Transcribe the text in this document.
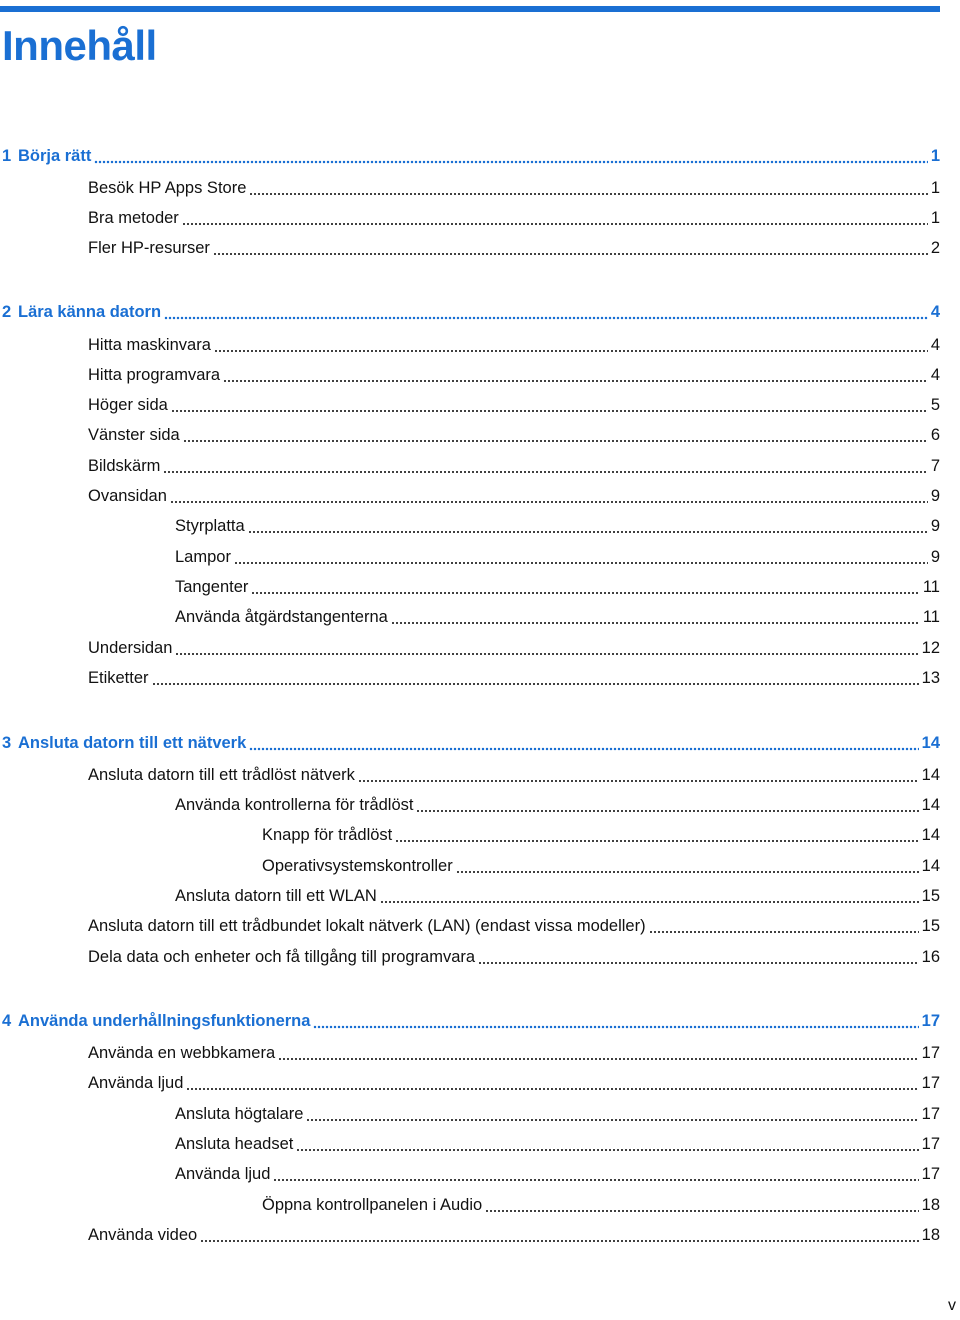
Innehåll
1 Börja rätt	1
Besök HP Apps Store	1
Bra metoder	1
Fler HP-resurser	2
2 Lära känna datorn	4
Hitta maskinvara	4
Hitta programvara	4
Höger sida	5
Vänster sida	6
Bildskärm	7
Ovansidan	9
Styrplatta	9
Lampor	9
Tangenter	11
Använda åtgärdstangenterna	11
Undersidan	12
Etiketter	13
3 Ansluta datorn till ett nätverk	14
Ansluta datorn till ett trådlöst nätverk	14
Använda kontrollerna för trådlöst	14
Knapp för trådlöst	14
Operativsystemskontroller	14
Ansluta datorn till ett WLAN	15
Ansluta datorn till ett trådbundet lokalt nätverk (LAN) (endast vissa modeller)	15
Dela data och enheter och få tillgång till programvara	16
4 Använda underhållningsfunktionerna	17
Använda en webbkamera	17
Använda ljud	17
Ansluta högtalare	17
Ansluta headset	17
Använda ljud	17
Öppna kontrollpanelen i Audio	18
Använda video	18
v
